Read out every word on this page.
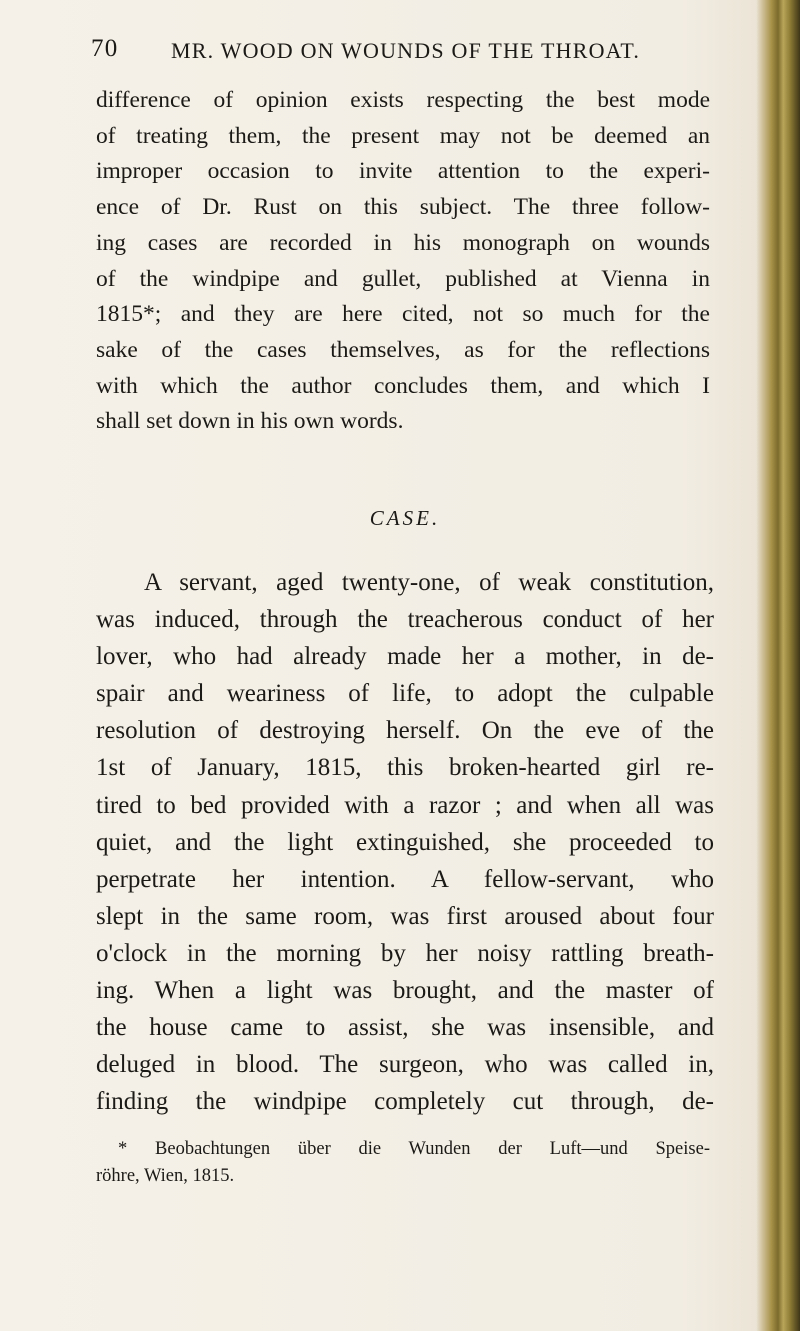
70 MR. WOOD ON WOUNDS OF THE THROAT.
difference of opinion exists respecting the best mode
of treating them, the present may not be deemed an
improper occasion to invite attention to the experi-
ence of Dr. Rust on this subject. The three follow-
ing cases are recorded in his monograph on wounds
of the windpipe and gullet, published at Vienna in
1815*; and they are here cited, not so much for the
sake of the cases themselves, as for the reflections
with which the author concludes them, and which I
shall set down in his own words.
CASE.
A servant, aged twenty-one, of weak constitution,
was induced, through the treacherous conduct of her
lover, who had already made her a mother, in de-
spair and weariness of life, to adopt the culpable
resolution of destroying herself. On the eve of the
1st of January, 1815, this broken-hearted girl re-
tired to bed provided with a razor ; and when all was
quiet, and the light extinguished, she proceeded to
perpetrate her intention. A fellow-servant, who
slept in the same room, was first aroused about four
o'clock in the morning by her noisy rattling breath-
ing. When a light was brought, and the master of
the house came to assist, she was insensible, and
deluged in blood. The surgeon, who was called in,
finding the windpipe completely cut through, de-
* Beobachtungen über die Wunden der Luft—und Speise-
röhre, Wien, 1815.
